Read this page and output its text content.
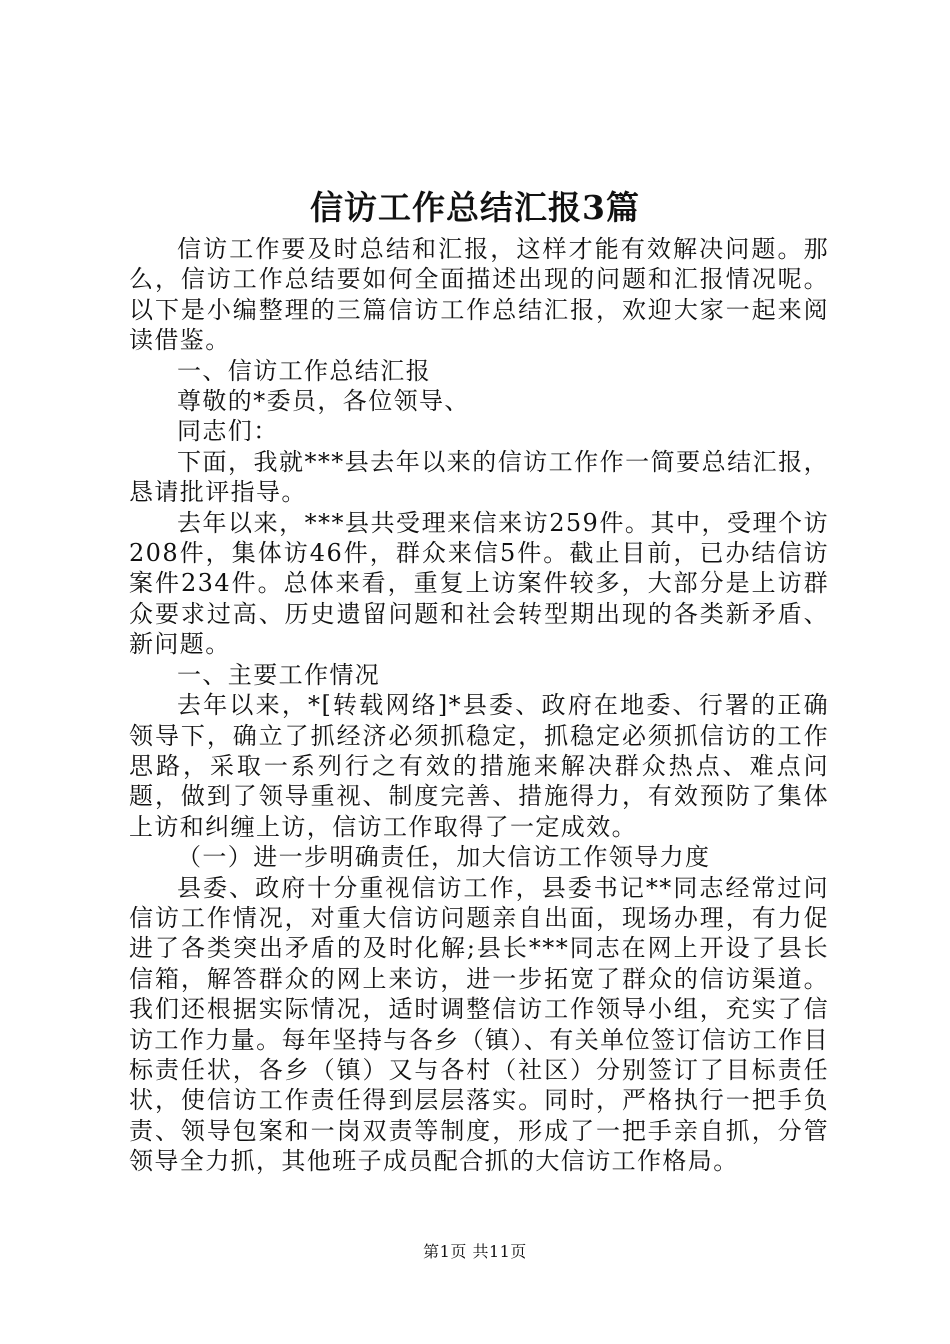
信访工作总结汇报3篇

信访工作要及时总结和汇报，这样才能有效解决问题。那么，信访工作总结要如何全面描述出现的问题和汇报情况呢。以下是小编整理的三篇信访工作总结汇报，欢迎大家一起来阅读借鉴。

一、信访工作总结汇报

尊敬的*委员，各位领导、

同志们：

下面，我就***县去年以来的信访工作作一简要总结汇报，恳请批评指导。

去年以来，***县共受理来信来访259件。其中，受理个访208件，集体访46件，群众来信5件。截止目前，已办结信访案件234件。总体来看，重复上访案件较多，大部分是上访群众要求过高、历史遗留问题和社会转型期出现的各类新矛盾、新问题。

一、主要工作情况

去年以来，*[转载网络]*县委、政府在地委、行署的正确领导下，确立了抓经济必须抓稳定，抓稳定必须抓信访的工作思路，采取一系列行之有效的措施来解决群众热点、难点问题，做到了领导重视、制度完善、措施得力，有效预防了集体上访和纠缠上访，信访工作取得了一定成效。

（一）进一步明确责任，加大信访工作领导力度

县委、政府十分重视信访工作，县委书记**同志经常过问信访工作情况，对重大信访问题亲自出面，现场办理，有力促进了各类突出矛盾的及时化解;县长***同志在网上开设了县长信箱，解答群众的网上来访，进一步拓宽了群众的信访渠道。我们还根据实际情况，适时调整信访工作领导小组，充实了信访工作力量。每年坚持与各乡（镇）、有关单位签订信访工作目标责任状，各乡（镇）又与各村（社区）分别签订了目标责任状，使信访工作责任得到层层落实。同时，严格执行一把手负责、领导包案和一岗双责等制度，形成了一把手亲自抓，分管领导全力抓，其他班子成员配合抓的大信访工作格局。

第1页 共11页
